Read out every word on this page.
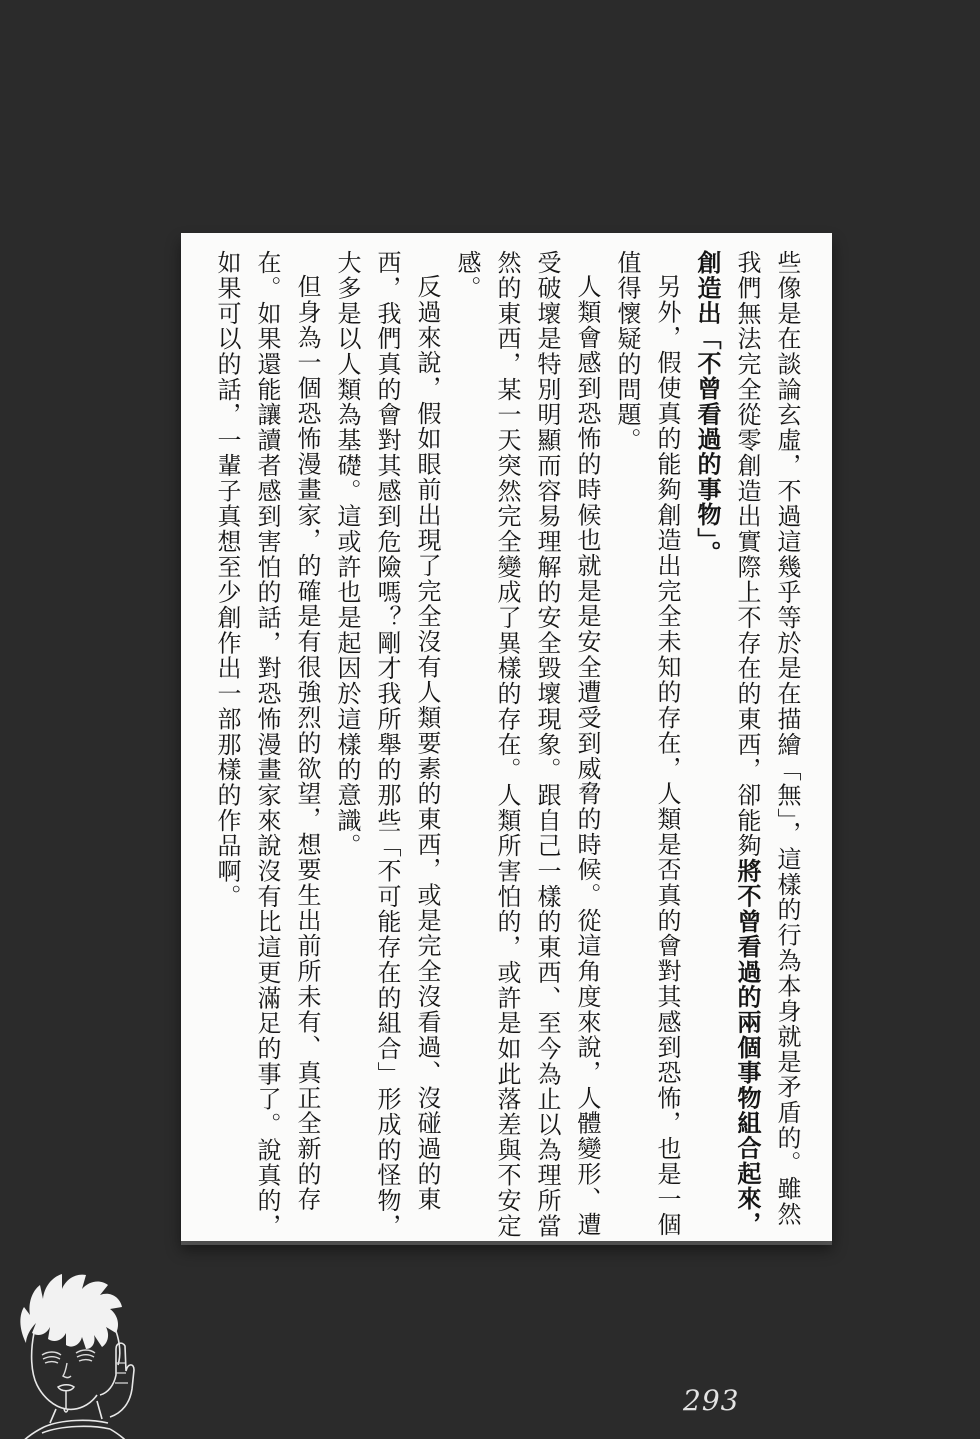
些像是在談論玄虛，不過這幾乎等於是在描繪「無」，這樣的行為本身就是矛盾的。雖然我們無法完全從零創造出實際上不存在的東西，卻能夠將不曾看過的兩個事物組合起來，創造出「不曾看過的事物」。

另外，假使真的能夠創造出完全未知的存在，人類是否真的會對其感到恐怖，也是一個值得懷疑的問題。

人類會感到恐怖的時候也就是是安全遭受到威脅的時候。從這角度來說，人體變形、遭受破壞是特別明顯而容易理解的安全毀壞現象。跟自己一樣的東西、至今為止以為理所當然的東西，某一天突然完全變成了異樣的存在。人類所害怕的，或許是如此落差與不安定感。

反過來說，假如眼前出現了完全沒有人類要素的東西，或是完全沒看過、沒碰過的東西，我們真的會對其感到危險嗎？剛才我所舉的那些「不可能存在的組合」形成的怪物，大多是以人類為基礎。這或許也是起因於這樣的意識。

但身為一個恐怖漫畫家，的確是有很強烈的欲望，想要生出前所未有、真正全新的存在。如果還能讓讀者感到害怕的話，對恐怖漫畫家來說沒有比這更滿足的事了。說真的，如果可以的話，一輩子真想至少創作出一部那樣的作品啊。

293
